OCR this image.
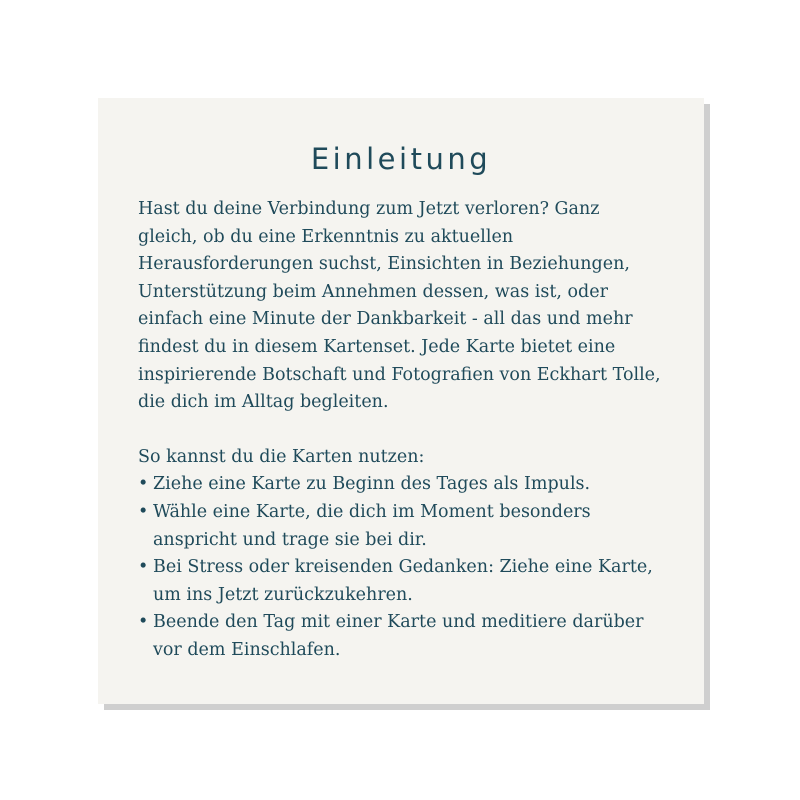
Einleitung

Hast du deine Verbindung zum Jetzt verloren? Ganz gleich, ob du eine Erkenntnis zu aktuellen Herausforderungen suchst, Einsichten in Beziehungen, Unterstützung beim Annehmen dessen, was ist, oder einfach eine Minute der Dankbarkeit - all das und mehr findest du in diesem Kartenset. Jede Karte bietet eine inspirierende Botschaft und Fotografien von Eckhart Tolle, die dich im Alltag begleiten.

So kannst du die Karten nutzen:

• Ziehe eine Karte zu Beginn des Tages als Impuls.
• Wähle eine Karte, die dich im Moment besonders anspricht und trage sie bei dir.
• Bei Stress oder kreisenden Gedanken: Ziehe eine Karte, um ins Jetzt zurückzukehren.
• Beende den Tag mit einer Karte und meditiere darüber vor dem Einschlafen.
